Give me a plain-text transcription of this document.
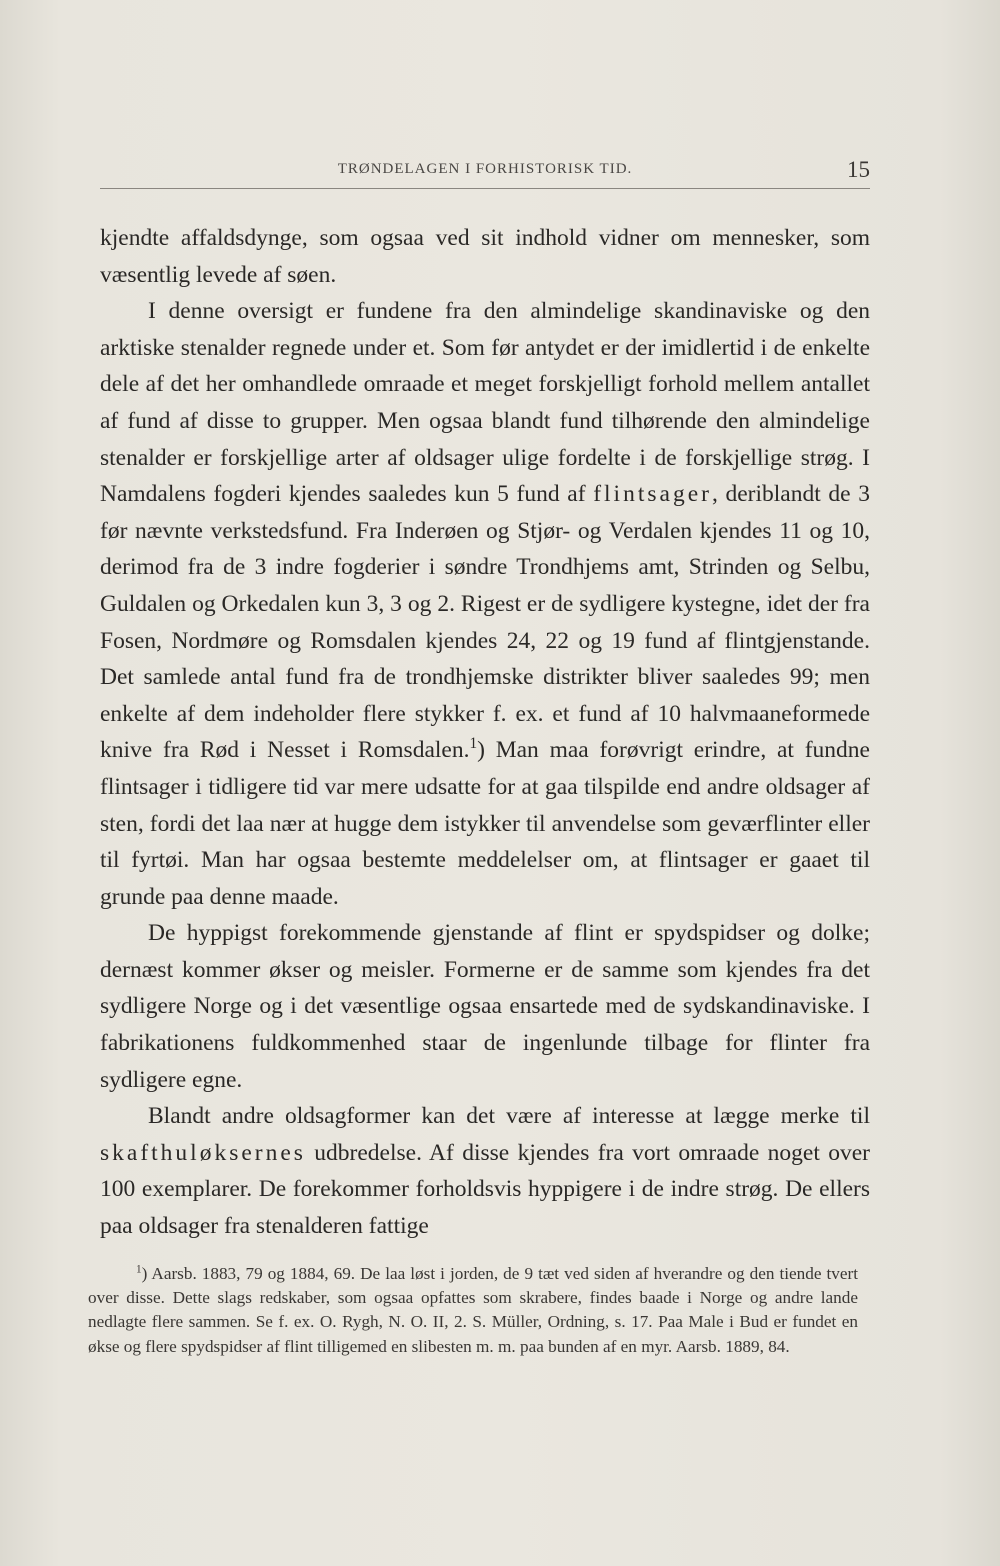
TRØNDELAGEN I FORHISTORISK TID.	15

kjendte affaldsdynge, som ogsaa ved sit indhold vidner om mennesker, som væsentlig levede af søen.

I denne oversigt er fundene fra den almindelige skandinaviske og den arktiske stenalder regnede under et. Som før antydet er der imidlertid i de enkelte dele af det her omhandlede omraade et meget forskjelligt forhold mellem antallet af fund af disse to grupper. Men ogsaa blandt fund tilhørende den almindelige stenalder er forskjellige arter af oldsager ulige fordelte i de forskjellige strøg. I Namdalens fogderi kjendes saaledes kun 5 fund af flintsager, deriblandt de 3 før nævnte verkstedsfund. Fra Inderøen og Stjør- og Verdalen kjendes 11 og 10, derimod fra de 3 indre fogderier i søndre Trondhjems amt, Strinden og Selbu, Guldalen og Orkedalen kun 3, 3 og 2. Rigest er de sydligere kystegne, idet der fra Fosen, Nordmøre og Romsdalen kjendes 24, 22 og 19 fund af flintgjenstande. Det samlede antal fund fra de trondhjemske distrikter bliver saaledes 99; men enkelte af dem indeholder flere stykker f. ex. et fund af 10 halvmaaneformede knive fra Rød i Nesset i Romsdalen.$^1$) Man maa forøvrigt erindre, at fundne flintsager i tidligere tid var mere udsatte for at gaa tilspilde end andre oldsager af sten, fordi det laa nær at hugge dem istykker til anvendelse som geværflinter eller til fyrtøi. Man har ogsaa bestemte meddelelser om, at flintsager er gaaet til grunde paa denne maade.

De hyppigst forekommende gjenstande af flint er spydspidser og dolke; dernæst kommer økser og meisler. Formerne er de samme som kjendes fra det sydligere Norge og i det væsentlige ogsaa ensartede med de sydskandinaviske. I fabrikationens fuldkommenhed staar de ingenlunde tilbage for flinter fra sydligere egne.

Blandt andre oldsagformer kan det være af interesse at lægge merke til skafthuløksernes udbredelse. Af disse kjendes fra vort omraade noget over 100 exemplarer. De forekommer forholdsvis hyppigere i de indre strøg. De ellers paa oldsager fra stenalderen fattige

$^1$) Aarsb. 1883, 79 og 1884, 69. De laa løst i jorden, de 9 tæt ved siden af hverandre og den tiende tvert over disse. Dette slags redskaber, som ogsaa opfattes som skrabere, findes baade i Norge og andre lande nedlagte flere sammen. Se f. ex. O. Rygh, N. O. II, 2. S. Müller, Ordning, s. 17. Paa Male i Bud er fundet en økse og flere spydspidser af flint tilligemed en slibesten m. m. paa bunden af en myr. Aarsb. 1889, 84.
